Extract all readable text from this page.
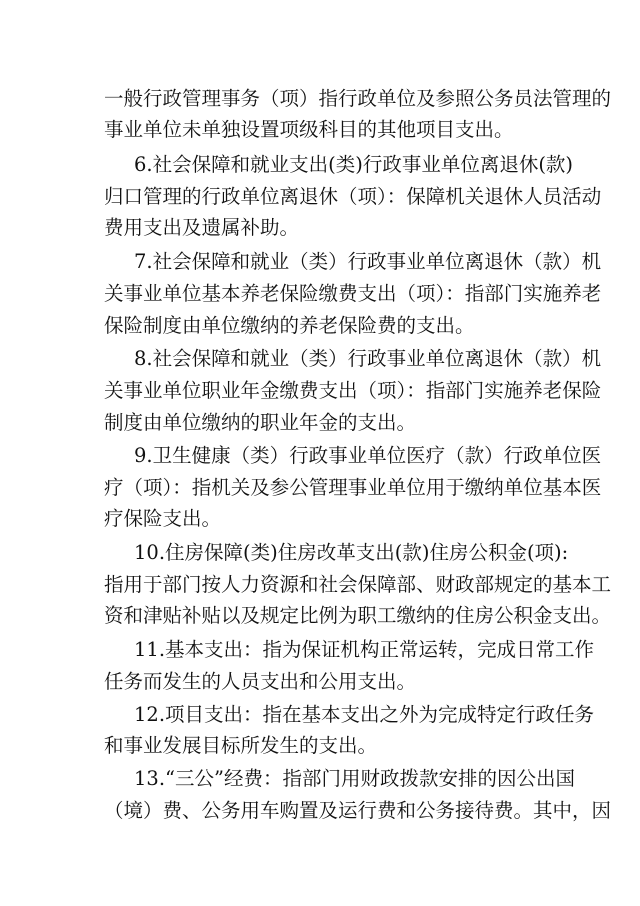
一般行政管理事务（项）指行政单位及参照公务员法管理的
事业单位未单独设置项级科目的其他项目支出。
6.社会保障和就业支出(类)行政事业单位离退休(款)
归口管理的行政单位离退休（项）：保障机关退休人员活动
费用支出及遗属补助。
7.社会保障和就业（类）行政事业单位离退休（款）机
关事业单位基本养老保险缴费支出（项）：指部门实施养老
保险制度由单位缴纳的养老保险费的支出。
8.社会保障和就业（类）行政事业单位离退休（款）机
关事业单位职业年金缴费支出（项）：指部门实施养老保险
制度由单位缴纳的职业年金的支出。
9.卫生健康（类）行政事业单位医疗（款）行政单位医
疗（项）：指机关及参公管理事业单位用于缴纳单位基本医
疗保险支出。
10.住房保障(类)住房改革支出(款)住房公积金(项):
指用于部门按人力资源和社会保障部、财政部规定的基本工
资和津贴补贴以及规定比例为职工缴纳的住房公积金支出。
11.基本支出：指为保证机构正常运转，完成日常工作
任务而发生的人员支出和公用支出。
12.项目支出：指在基本支出之外为完成特定行政任务
和事业发展目标所发生的支出。
13.“三公”经费：指部门用财政拨款安排的因公出国
（境）费、公务用车购置及运行费和公务接待费。其中，因
